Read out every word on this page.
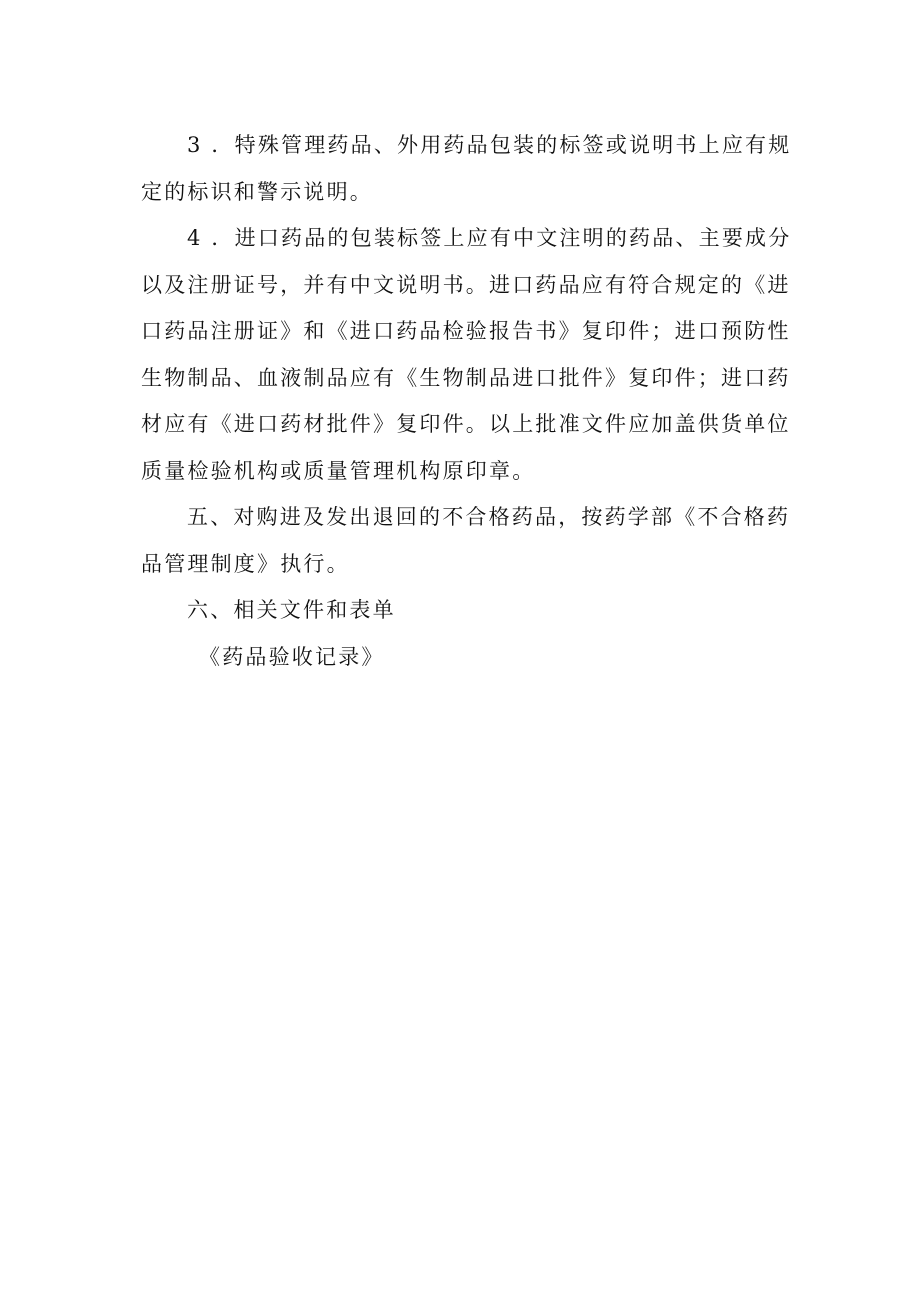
3 ．特殊管理药品、外用药品包装的标签或说明书上应有规
定的标识和警示说明。
4 ．进口药品的包装标签上应有中文注明的药品、主要成分
以及注册证号，并有中文说明书。进口药品应有符合规定的《进
口药品注册证》和《进口药品检验报告书》复印件；进口预防性
生物制品、血液制品应有《生物制品进口批件》复印件；进口药
材应有《进口药材批件》复印件。以上批准文件应加盖供货单位
质量检验机构或质量管理机构原印章。
五、对购进及发出退回的不合格药品，按药学部《不合格药
品管理制度》执行。
六、相关文件和表单
《药品验收记录》
